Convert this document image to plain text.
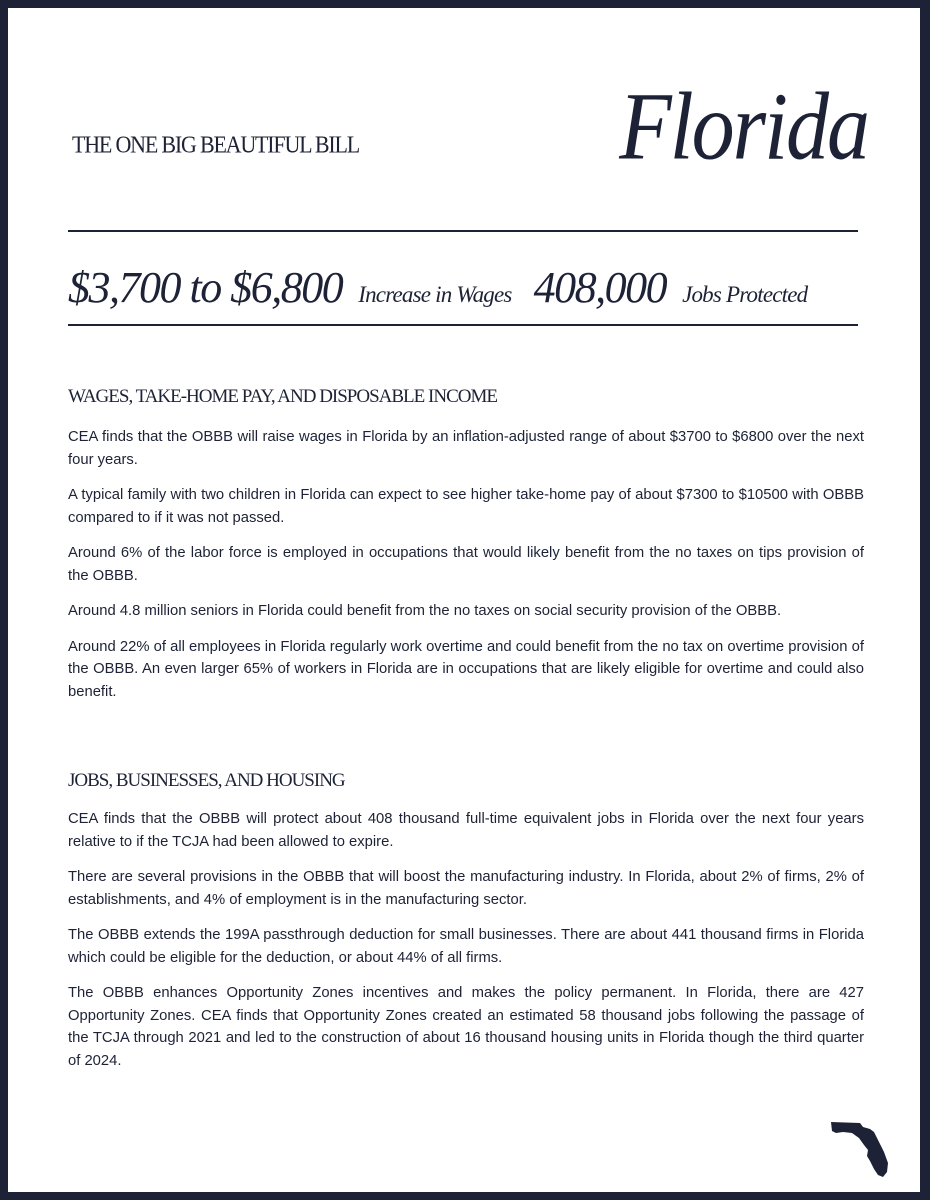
THE ONE BIG BEAUTIFUL BILL	Florida
$3,700 to $6,800 Increase in Wages 408,000 Jobs Protected
WAGES, TAKE-HOME PAY, AND DISPOSABLE INCOME

CEA finds that the OBBB will raise wages in Florida by an inflation-adjusted range of about $3700 to $6800 over the next four years.

A typical family with two children in Florida can expect to see higher take-home pay of about $7300 to $10500 with OBBB compared to if it was not passed.

Around 6% of the labor force is employed in occupations that would likely benefit from the no taxes on tips provision of the OBBB.

Around 4.8 million seniors in Florida could benefit from the no taxes on social security provision of the OBBB.

Around 22% of all employees in Florida regularly work overtime and could benefit from the no tax on overtime provision of the OBBB. An even larger 65% of workers in Florida are in occupations that are likely eligible for overtime and could also benefit.

JOBS, BUSINESSES, AND HOUSING

CEA finds that the OBBB will protect about 408 thousand full-time equivalent jobs in Florida over the next four years relative to if the TCJA had been allowed to expire.

There are several provisions in the OBBB that will boost the manufacturing industry. In Florida, about 2% of firms, 2% of establishments, and 4% of employment is in the manufacturing sector.

The OBBB extends the 199A passthrough deduction for small businesses. There are about 441 thousand firms in Florida which could be eligible for the deduction, or about 44% of all firms.

The OBBB enhances Opportunity Zones incentives and makes the policy permanent. In Florida, there are 427 Opportunity Zones. CEA finds that Opportunity Zones created an estimated 58 thousand jobs following the passage of the TCJA through 2021 and led to the construction of about 16 thousand housing units in Florida though the third quarter of 2024.
